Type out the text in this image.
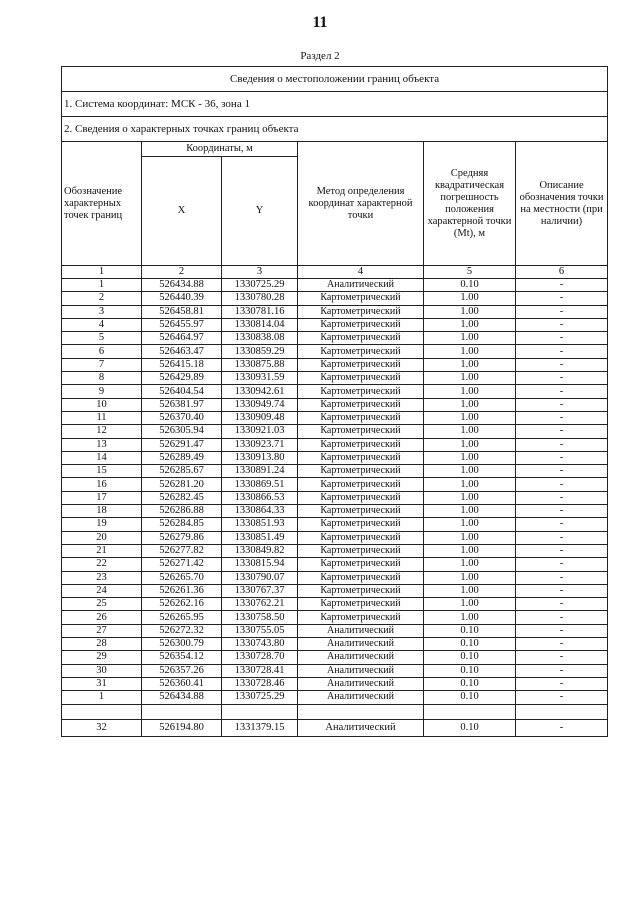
11
Раздел 2
Сведения о местоположении границ объекта					
1. Система координат: МСК - 36, зона 1					
2. Сведения о характерных точках границ объекта					
Обозначение характерных точек границ	Координаты, м		Метод определения координат характерной точки	Средняя квадратическая погрешность положения характерной точки (Mt), м	Описание обозначения точки на местности (при наличии)
	X	Y			
1	2	3	4	5	6
1	526434.88	1330725.29	Аналитический	0.10	-
2	526440.39	1330780.28	Картометрический	1.00	-
3	526458.81	1330781.16	Картометрический	1.00	-
4	526455.97	1330814.04	Картометрический	1.00	-
5	526464.97	1330838.08	Картометрический	1.00	-
6	526463.47	1330859.29	Картометрический	1.00	-
7	526415.18	1330875.88	Картометрический	1.00	-
8	526429.89	1330931.59	Картометрический	1.00	-
9	526404.54	1330942.61	Картометрический	1.00	-
10	526381.97	1330949.74	Картометрический	1.00	-
11	526370.40	1330909.48	Картометрический	1.00	-
12	526305.94	1330921.03	Картометрический	1.00	-
13	526291.47	1330923.71	Картометрический	1.00	-
14	526289.49	1330913.80	Картометрический	1.00	-
15	526285.67	1330891.24	Картометрический	1.00	-
16	526281.20	1330869.51	Картометрический	1.00	-
17	526282.45	1330866.53	Картометрический	1.00	-
18	526286.88	1330864.33	Картометрический	1.00	-
19	526284.85	1330851.93	Картометрический	1.00	-
20	526279.86	1330851.49	Картометрический	1.00	-
21	526277.82	1330849.82	Картометрический	1.00	-
22	526271.42	1330815.94	Картометрический	1.00	-
23	526265.70	1330790.07	Картометрический	1.00	-
24	526261.36	1330767.37	Картометрический	1.00	-
25	526262.16	1330762.21	Картометрический	1.00	-
26	526265.95	1330758.50	Картометрический	1.00	-
27	526272.32	1330755.05	Аналитический	0.10	-
28	526300.79	1330743.80	Аналитический	0.10	-
29	526354.12	1330728.70	Аналитический	0.10	-
30	526357.26	1330728.41	Аналитический	0.10	-
31	526360.41	1330728.46	Аналитический	0.10	-
1	526434.88	1330725.29	Аналитический	0.10	-

32	526194.80	1331379.15	Аналитический	0.10	-
